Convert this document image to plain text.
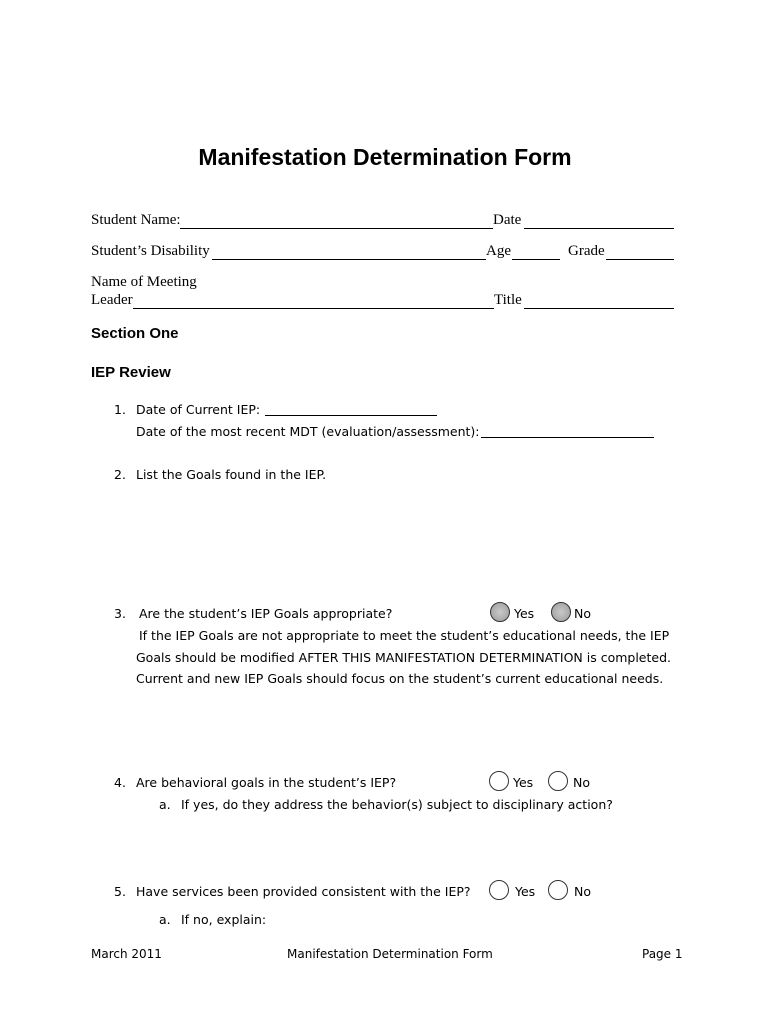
Manifestation Determination Form
Student Name:	Date
Student’s Disability	Age	Grade
Name of Meeting
Leader	Title
Section One
IEP Review
1. Date of Current IEP:
Date of the most recent MDT (evaluation/assessment):
2. List the Goals found in the IEP.
3. Are the student’s IEP Goals appropriate?	Yes	No
If the IEP Goals are not appropriate to meet the student’s educational needs, the IEP
Goals should be modified AFTER THIS MANIFESTATION DETERMINATION is completed.
Current and new IEP Goals should focus on the student’s current educational needs.
4. Are behavioral goals in the student’s IEP?	Yes	No
a. If yes, do they address the behavior(s) subject to disciplinary action?
5. Have services been provided consistent with the IEP?	Yes	No
a. If no, explain:
March 2011	Manifestation Determination Form	Page 1
